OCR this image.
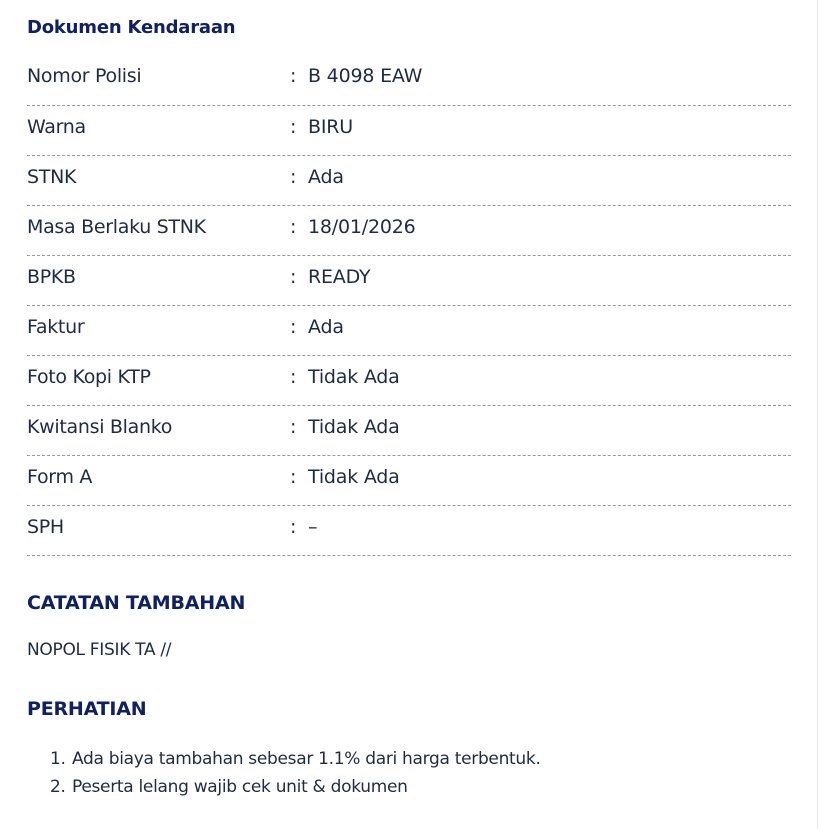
Dokumen Kendaraan
Nomor Polisi	: B 4098 EAW
Warna	: BIRU
STNK	: Ada
Masa Berlaku STNK	: 18/01/2026
BPKB	: READY
Faktur	: Ada
Foto Kopi KTP	: Tidak Ada
Kwitansi Blanko	: Tidak Ada
Form A	: Tidak Ada
SPH	: –
CATATAN TAMBAHAN
NOPOL FISIK TA //
PERHATIAN
1. Ada biaya tambahan sebesar 1.1% dari harga terbentuk.
2. Peserta lelang wajib cek unit & dokumen
